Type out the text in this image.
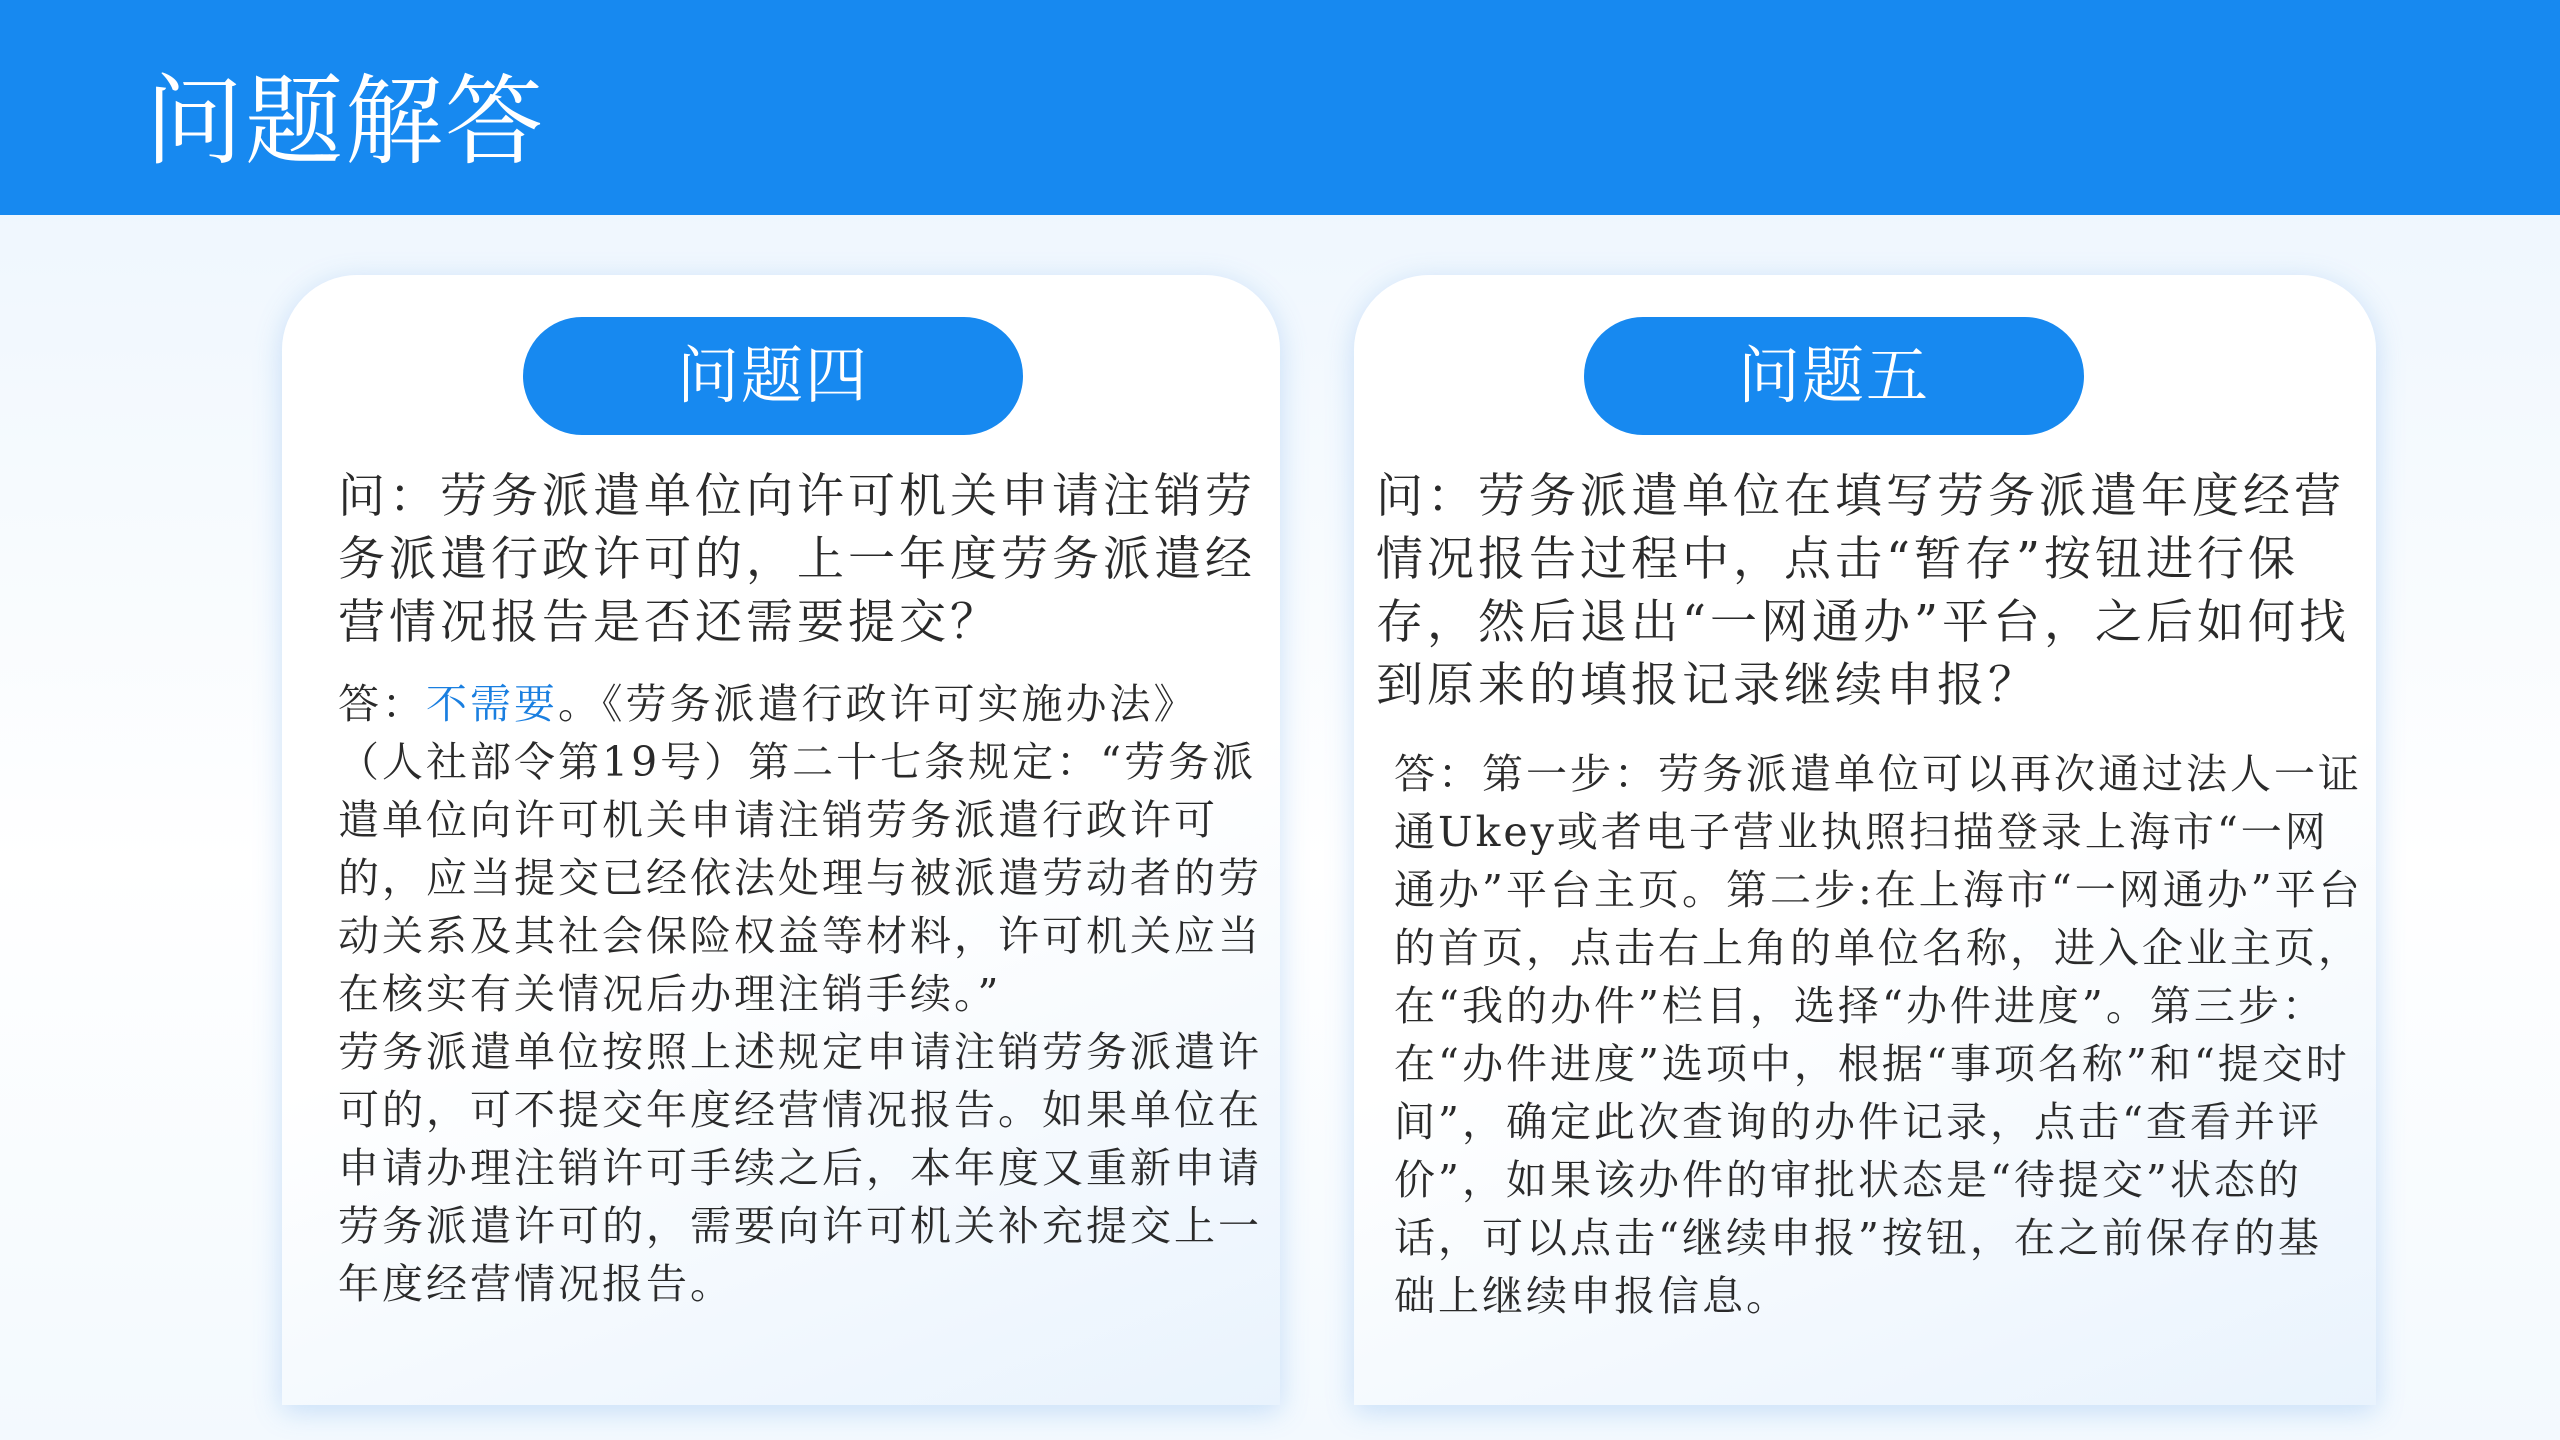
问题解答
问题四

问：劳务派遣单位向许可机关申请注销劳务派遣行政许可的，上一年度劳务派遣经营情况报告是否还需要提交？

答：不需要。《劳务派遣行政许可实施办法》

（人社部令第19号）第二十七条规定：“劳务派遣单位向许可机关申请注销劳务派遣行政许可的，应当提交已经依法处理与被派遣劳动者的劳动关系及其社会保险权益等材料，许可机关应当在核实有关情况后办理注销手续。”

劳务派遣单位按照上述规定申请注销劳务派遣许可的，可不提交年度经营情况报告。如果单位在申请办理注销许可手续之后，本年度又重新申请劳务派遣许可的，需要向许可机关补充提交上一年度经营情况报告。

问题五

问：劳务派遣单位在填写劳务派遣年度经营情况报告过程中，点击“暂存”按钮进行保存，然后退出“一网通办”平台，之后如何找到原来的填报记录继续申报？

答：第一步：劳务派遣单位可以再次通过法人一证通Ukey或者电子营业执照扫描登录上海市“一网通办”平台主页。第二步:在上海市“一网通办”平台的首页，点击右上角的单位名称，进入企业主页，在“我的办件”栏目，选择“办件进度”。第三步：在“办件进度”选项中，根据“事项名称”和“提交时间”，确定此次查询的办件记录，点击“查看并评价”，如果该办件的审批状态是“待提交”状态的话，可以点击“继续申报”按钮，在之前保存的基础上继续申报信息。
